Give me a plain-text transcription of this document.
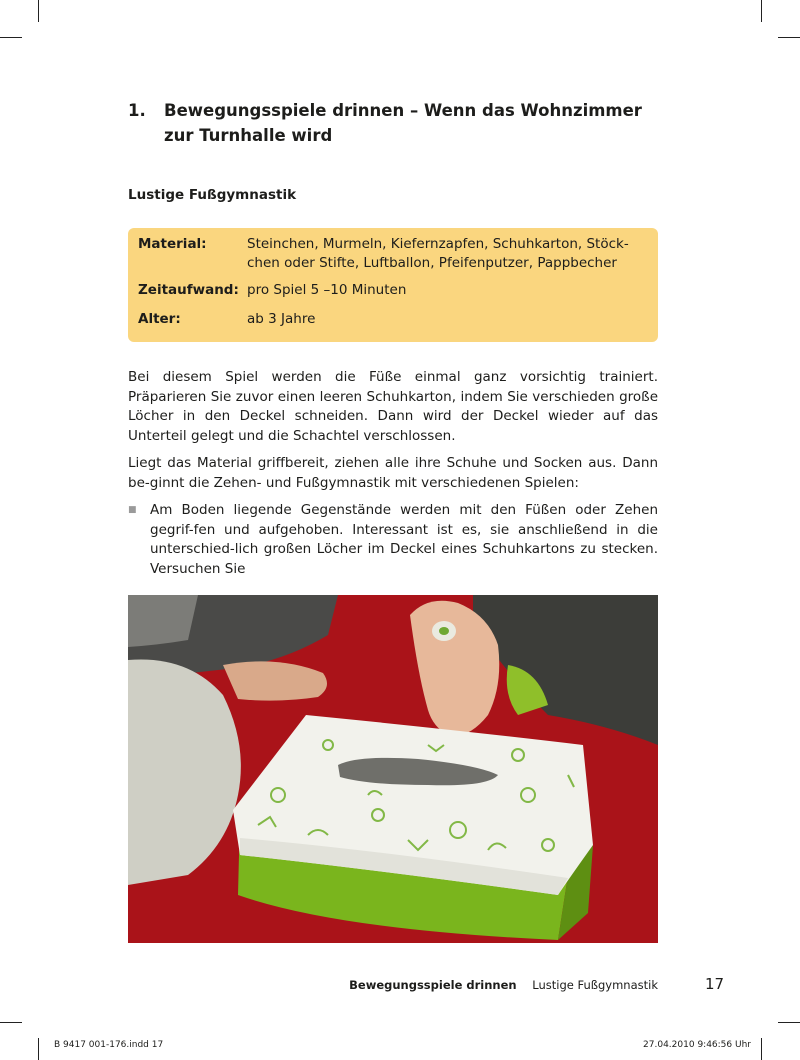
1. Bewegungsspiele drinnen – Wenn das Wohnzimmer zur Turnhalle wird
Lustige Fußgymnastik
Material:	Steinchen, Murmeln, Kiefernzapfen, Schuhkarton, Stöck-chen oder Stifte, Luftballon, Pfeifenputzer, Pappbecher
Zeitaufwand: pro Spiel 5 –10 Minuten
Alter:	ab 3 Jahre

Bei diesem Spiel werden die Füße einmal ganz vorsichtig trainiert. Präparieren Sie zuvor einen leeren Schuhkarton, indem Sie verschieden große Löcher in den Deckel schneiden. Dann wird der Deckel wieder auf das Unterteil gelegt und die Schachtel verschlossen.

Liegt das Material griffbereit, ziehen alle ihre Schuhe und Socken aus. Dann be-ginnt die Zehen- und Fußgymnastik mit verschiedenen Spielen:

■ Am Boden liegende Gegenstände werden mit den Füßen oder Zehen gegrif-fen und aufgehoben. Interessant ist es, sie anschließend in die unterschied-lich großen Löcher im Deckel eines Schuhkartons zu stecken. Versuchen Sie
Bewegungsspiele drinnen Lustige Fußgymnastik	17
B 9417 001-176.indd 17	27.04.2010 9:46:56 Uhr
